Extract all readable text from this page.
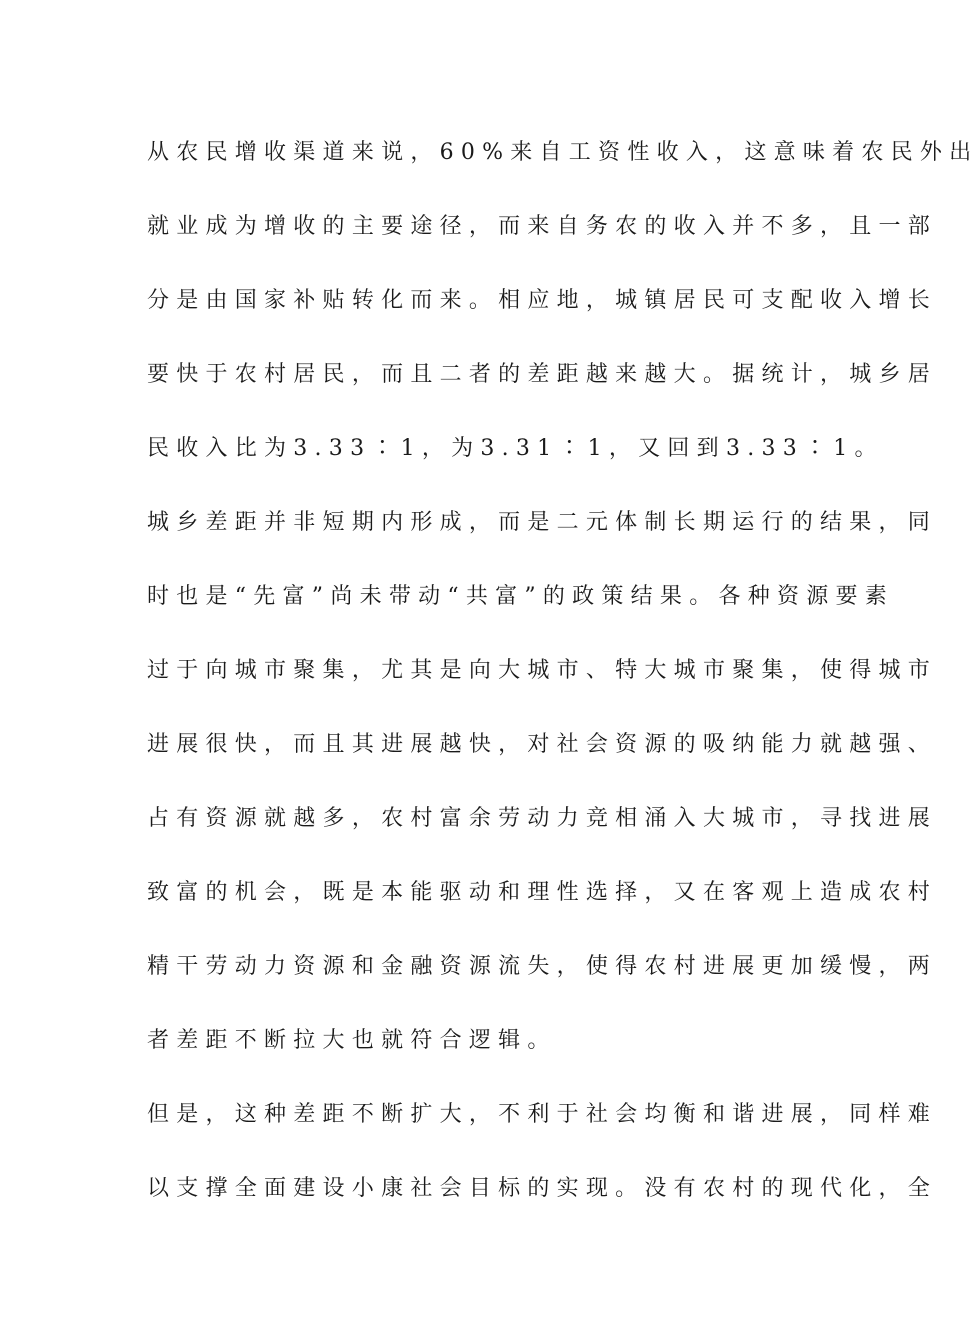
从农民增收渠道来说，60%来自工资性收入，这意味着农民外出
就业成为增收的主要途径，而来自务农的收入并不多，且一部
分是由国家补贴转化而来。相应地，城镇居民可支配收入增长
要快于农村居民，而且二者的差距越来越大。据统计，城乡居
民收入比为3.33∶1，为3.31∶1，又回到3.33∶1。
城乡差距并非短期内形成，而是二元体制长期运行的结果，同
时也是“先富”尚未带动“共富”的政策结果。各种资源要素
过于向城市聚集，尤其是向大城市、特大城市聚集，使得城市
进展很快，而且其进展越快，对社会资源的吸纳能力就越强、
占有资源就越多，农村富余劳动力竞相涌入大城市，寻找进展
致富的机会，既是本能驱动和理性选择，又在客观上造成农村
精干劳动力资源和金融资源流失，使得农村进展更加缓慢，两
者差距不断拉大也就符合逻辑。
但是，这种差距不断扩大，不利于社会均衡和谐进展，同样难
以支撑全面建设小康社会目标的实现。没有农村的现代化，全
